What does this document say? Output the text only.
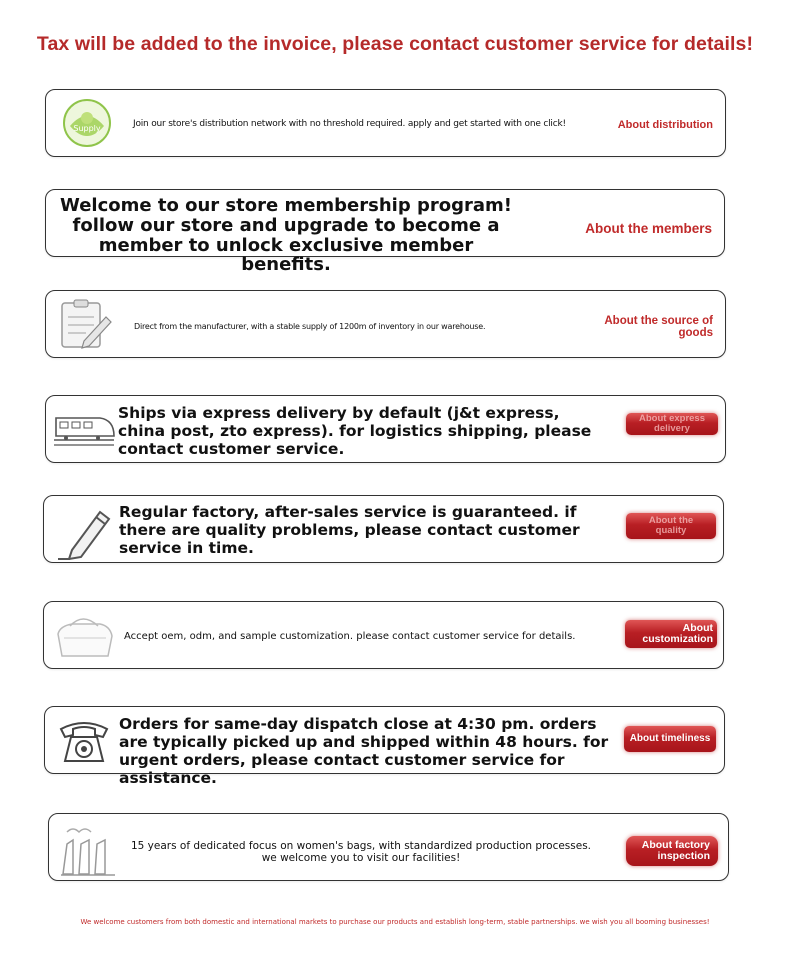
Tax will be added to the invoice, please contact customer service for details!
Supply	Join our store's distribution network with no threshold required. apply and get started with one click!	About distribution
Welcome to our store membership program!
follow our store and upgrade to become a
member to unlock exclusive member benefits.
About the members
Direct from the manufacturer, with a stable supply of 1200m of inventory in our warehouse.	About the source of
goods
Ships via express delivery by default (j&t express, china post, zto express). for logistics shipping, please contact customer service.
About express
delivery
Regular factory, after-sales service is guaranteed. if there are quality problems, please contact customer service in time.
About the
quality
Accept oem, odm, and sample customization. please contact customer service for details.
About
customization
Orders for same-day dispatch close at 4:30 pm. orders are typically picked up and shipped within 48 hours. for urgent orders, please contact customer service for assistance.
About timeliness
15 years of dedicated focus on women's bags, with standardized production processes.
we welcome you to visit our facilities!
About factory
inspection
We welcome customers from both domestic and international markets to purchase our products and establish long-term, stable partnerships. we wish you all booming businesses!
